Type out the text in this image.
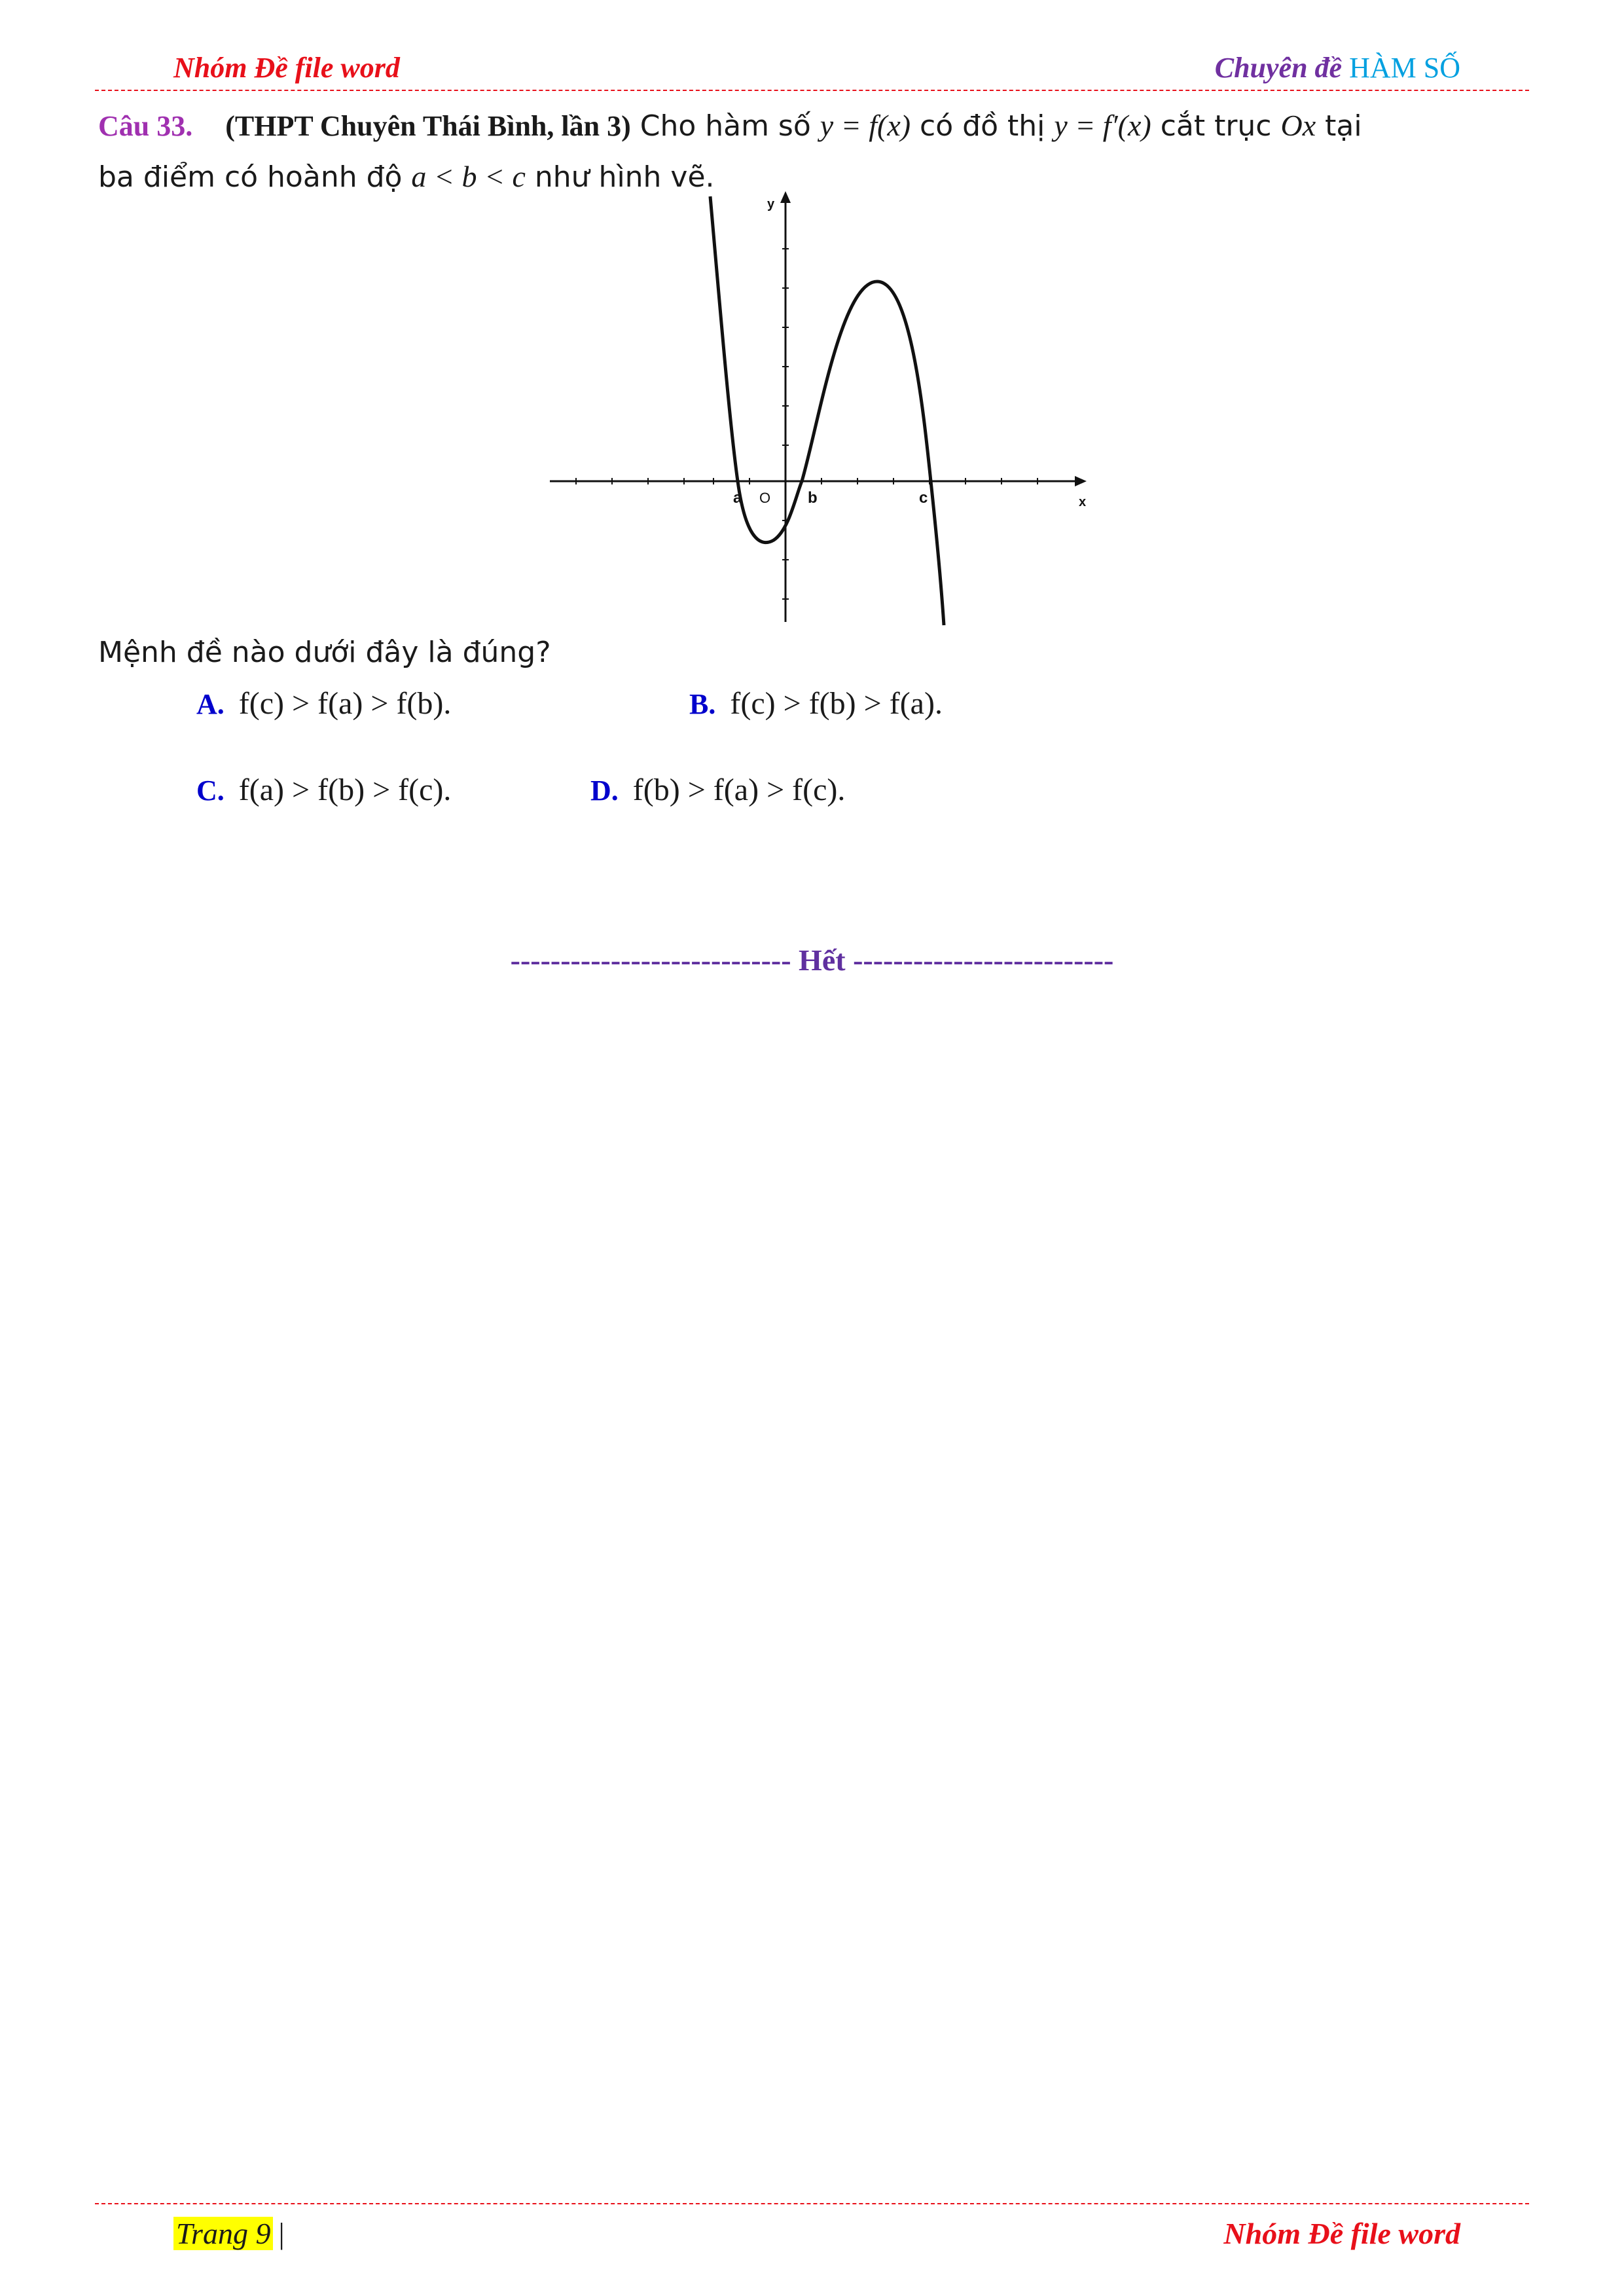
Nhóm Đề file word	Chuyên đề HÀM SỐ
Câu 33. (THPT Chuyên Thái Bình, lần 3) Cho hàm số y = f(x) có đồ thị y = f′(x) cắt trục Ox tại
ba điểm có hoành độ a < b < c như hình vẽ.
y
x
O
a	b	c
Mệnh đề nào dưới đây là đúng?
A. f(c) > f(a) > f(b).	B. f(c) > f(b) > f(a).
C. f(a) > f(b) > f(c).	D. f(b) > f(a) > f(c).
---------------------------- Hết --------------------------
Trang 9 |	Nhóm Đề file word
